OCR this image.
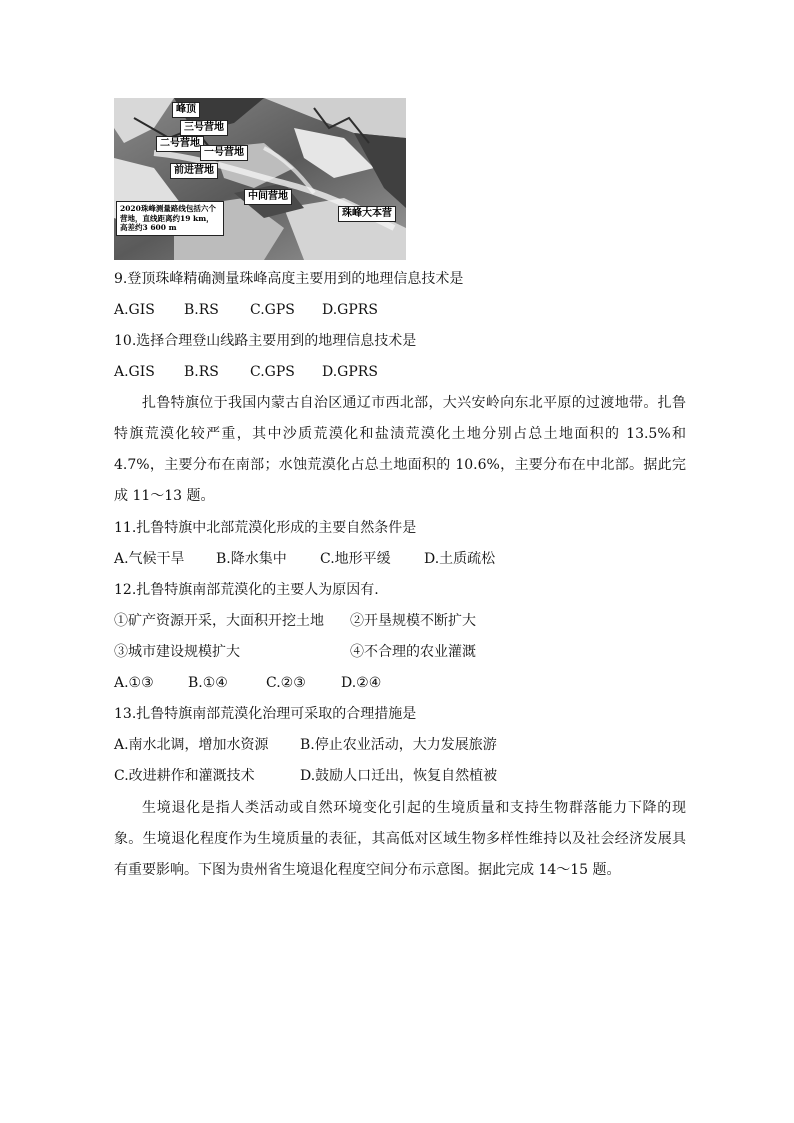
峰顶
三号营地
二号营地
一号营地
前进营地
中间营地
珠峰大本营
2020珠峰测量路线包括六个营地，直线距离约19 km，高差约3 600 m
9.登顶珠峰精确测量珠峰高度主要用到的地理信息技术是
A.GIS B.RS C.GPS D.GPRS
10.选择合理登山线路主要用到的地理信息技术是
A.GIS B.RS C.GPS D.GPRS
扎鲁特旗位于我国内蒙古自治区通辽市西北部，大兴安岭向东北平原的过渡地带。扎鲁特旗荒漠化较严重，其中沙质荒漠化和盐渍荒漠化土地分别占总土地面积的 13.5%和 4.7%，主要分布在南部；水蚀荒漠化占总土地面积的 10.6%，主要分布在中北部。据此完成 11～13 题。
11.扎鲁特旗中北部荒漠化形成的主要自然条件是
A.气候干旱 B.降水集中 C.地形平缓 D.土质疏松
12.扎鲁特旗南部荒漠化的主要人为原因有.
①矿产资源开采，大面积开挖土地 ②开垦规模不断扩大
③城市建设规模扩大	④不合理的农业灌溉
A.①③ B.①④	C.②③	D.②④
13.扎鲁特旗南部荒漠化治理可采取的合理措施是
A.南水北调，增加水资源 B.停止农业活动，大力发展旅游
C.改进耕作和灌溉技术	D.鼓励人口迁出，恢复自然植被
生境退化是指人类活动或自然环境变化引起的生境质量和支持生物群落能力下降的现象。生境退化程度作为生境质量的表征，其高低对区域生物多样性维持以及社会经济发展具有重要影响。下图为贵州省生境退化程度空间分布示意图。据此完成 14～15 题。
